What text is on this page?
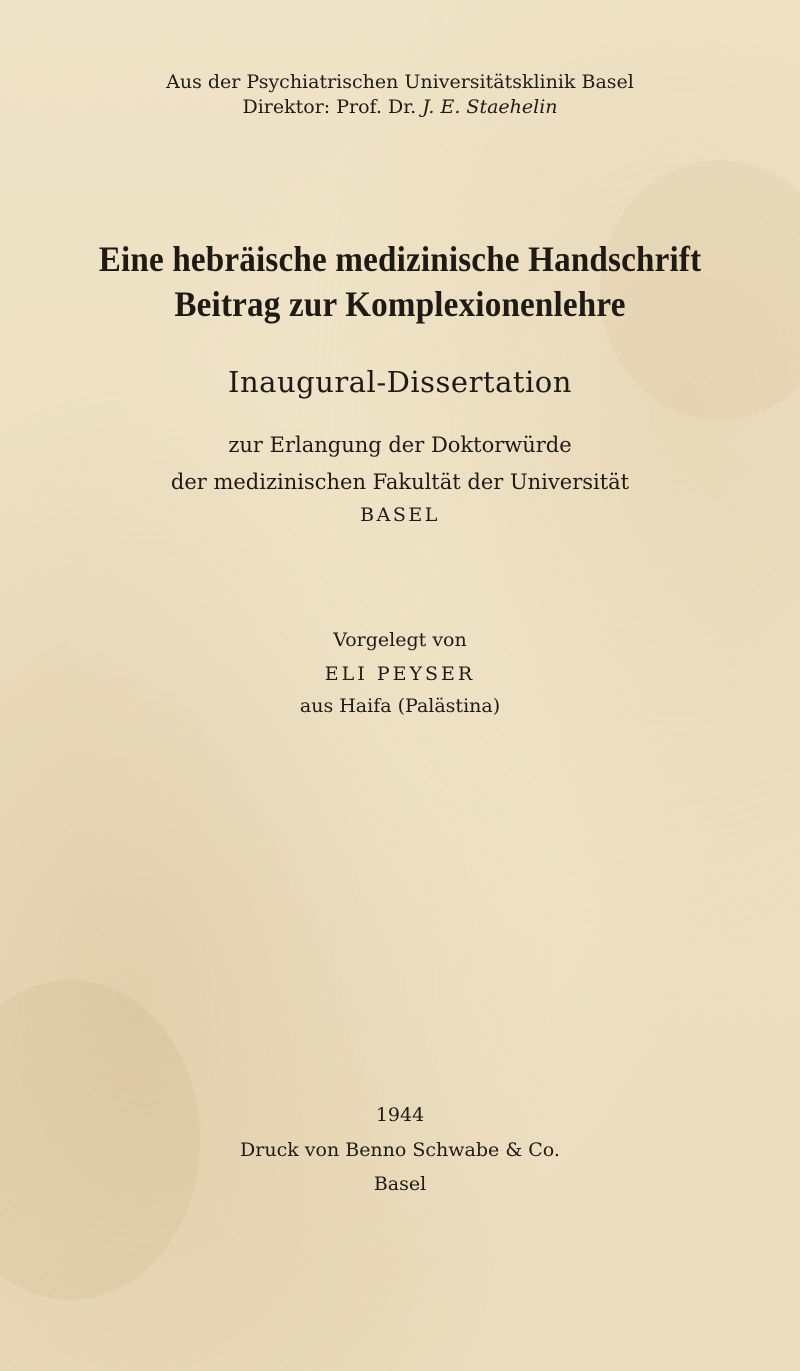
Aus der Psychiatrischen Universitätsklinik Basel
Direktor: Prof. Dr. J. E. Staehelin
Eine hebräische medizinische Handschrift
Beitrag zur Komplexionenlehre
Inaugural-Dissertation
zur Erlangung der Doktorwürde
der medizinischen Fakultät der Universität
BASEL
Vorgelegt von
ELI PEYSER
aus Haifa (Palästina)
1944
Druck von Benno Schwabe & Co.
Basel
